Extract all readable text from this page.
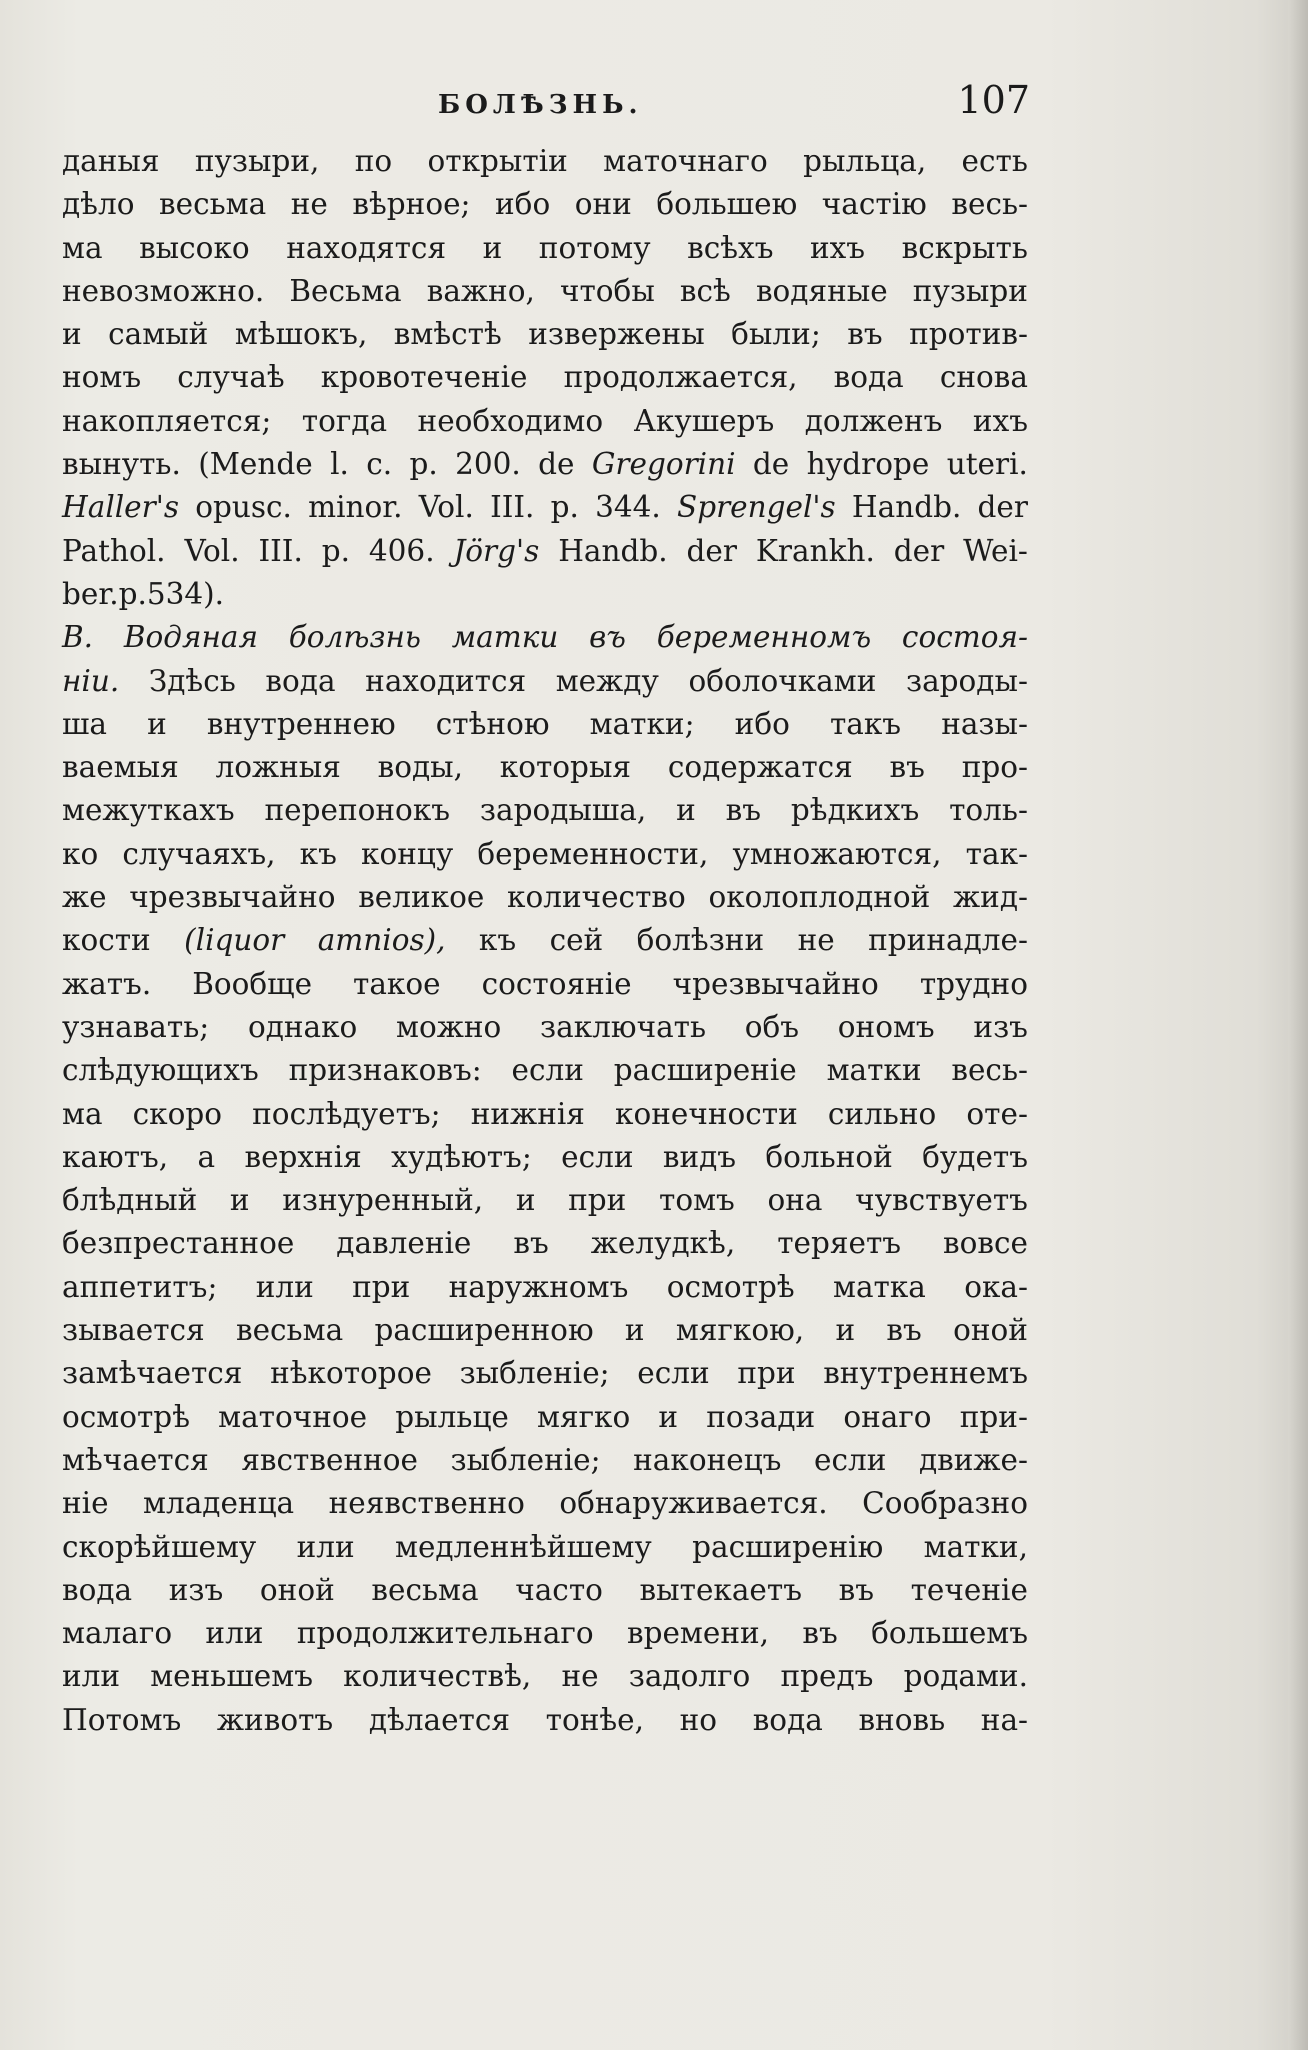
БОЛѢЗНЬ.	107
даныя пузыри, по открытіи маточнаго рыльца, есть
дѣло весьма не вѣрное; ибо они большею частію весь-
ма высоко находятся и потому всѣхъ ихъ вскрыть
невозможно. Весьма важно, чтобы всѣ водяные пузыри
и самый мѣшокъ, вмѣстѣ извержены были; въ против-
номъ случаѣ кровотеченіе продолжается, вода снова
накопляется; тогда необходимо Акушеръ долженъ ихъ
вынуть. (Mende l. c. p. 200. de Gregorini de hydrope uteri.
Haller's opusc. minor. Vol. III. p. 344. Sprengel's Handb. der
Pathol. Vol. III. p. 406. Jörg's Handb. der Krankh. der Wei-
ber. p. 534).
B. Водяная болѣзнь матки въ беременномъ состоя-
ніи. Здѣсь вода находится между оболочками зароды-
ша и внутреннею стѣною матки; ибо такъ назы-
ваемыя ложныя воды, которыя содержатся въ про-
межуткахъ перепонокъ зародыша, и въ рѣдкихъ толь-
ко случаяхъ, къ концу беременности, умножаются, так-
же чрезвычайно великое количество околоплодной жид-
кости (liquor amnios), къ сей болѣзни не принадле-
жатъ. Вообще такое состояніе чрезвычайно трудно
узнавать; однако можно заключать объ ономъ изъ
слѣдующихъ признаковъ: если расширеніе матки весь-
ма скоро послѣдуетъ; нижнія конечности сильно оте-
каютъ, а верхнія худѣютъ; если видъ больной будетъ
блѣдный и изнуренный, и при томъ она чувствуетъ
безпрестанное давленіе въ желудкѣ, теряетъ вовсе
аппетитъ; или при наружномъ осмотрѣ матка ока-
зывается весьма расширенною и мягкою, и въ оной
замѣчается нѣкоторое зыбленіе; если при внутреннемъ
осмотрѣ маточное рыльце мягко и позади онаго при-
мѣчается явственное зыбленіе; наконецъ если движе-
ніе младенца неявственно обнаруживается. Сообразно
скорѣйшему или медленнѣйшему расширенію матки,
вода изъ оной весьма часто вытекаетъ въ теченіе
малаго или продолжительнаго времени, въ большемъ
или меньшемъ количествѣ, не задолго предъ родами.
Потомъ животъ дѣлается тонѣе, но вода вновь на-
